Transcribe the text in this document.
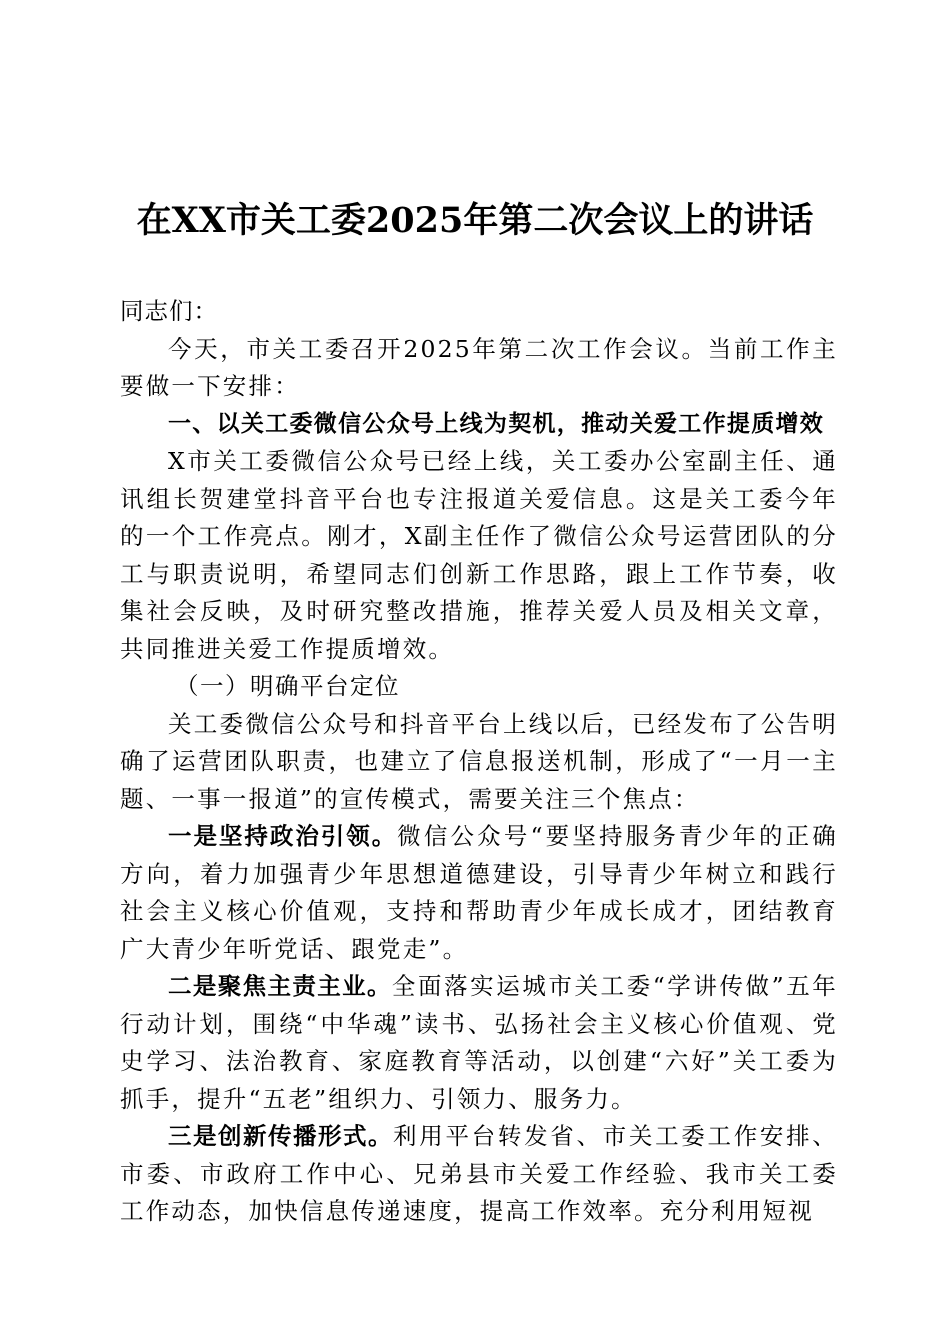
在XX市关工委2025年第二次会议上的讲话

同志们：

今天，市关工委召开2025年第二次工作会议。当前工作主要做一下安排：

一、以关工委微信公众号上线为契机，推动关爱工作提质增效

X市关工委微信公众号已经上线，关工委办公室副主任、通讯组长贺建堂抖音平台也专注报道关爱信息。这是关工委今年的一个工作亮点。刚才，X副主任作了微信公众号运营团队的分工与职责说明，希望同志们创新工作思路，跟上工作节奏，收集社会反映，及时研究整改措施，推荐关爱人员及相关文章，共同推进关爱工作提质增效。

（一）明确平台定位

关工委微信公众号和抖音平台上线以后，已经发布了公告明确了运营团队职责，也建立了信息报送机制，形成了“一月一主题、一事一报道”的宣传模式，需要关注三个焦点：

一是坚持政治引领。微信公众号“要坚持服务青少年的正确方向，着力加强青少年思想道德建设，引导青少年树立和践行社会主义核心价值观，支持和帮助青少年成长成才，团结教育广大青少年听党话、跟党走”。

二是聚焦主责主业。全面落实运城市关工委“学讲传做”五年行动计划，围绕“中华魂”读书、弘扬社会主义核心价值观、党史学习、法治教育、家庭教育等活动，以创建“六好”关工委为抓手，提升“五老”组织力、引领力、服务力。

三是创新传播形式。利用平台转发省、市关工委工作安排、市委、市政府工作中心、兄弟县市关爱工作经验、我市关工委工作动态，加快信息传递速度，提高工作效率。充分利用短视
